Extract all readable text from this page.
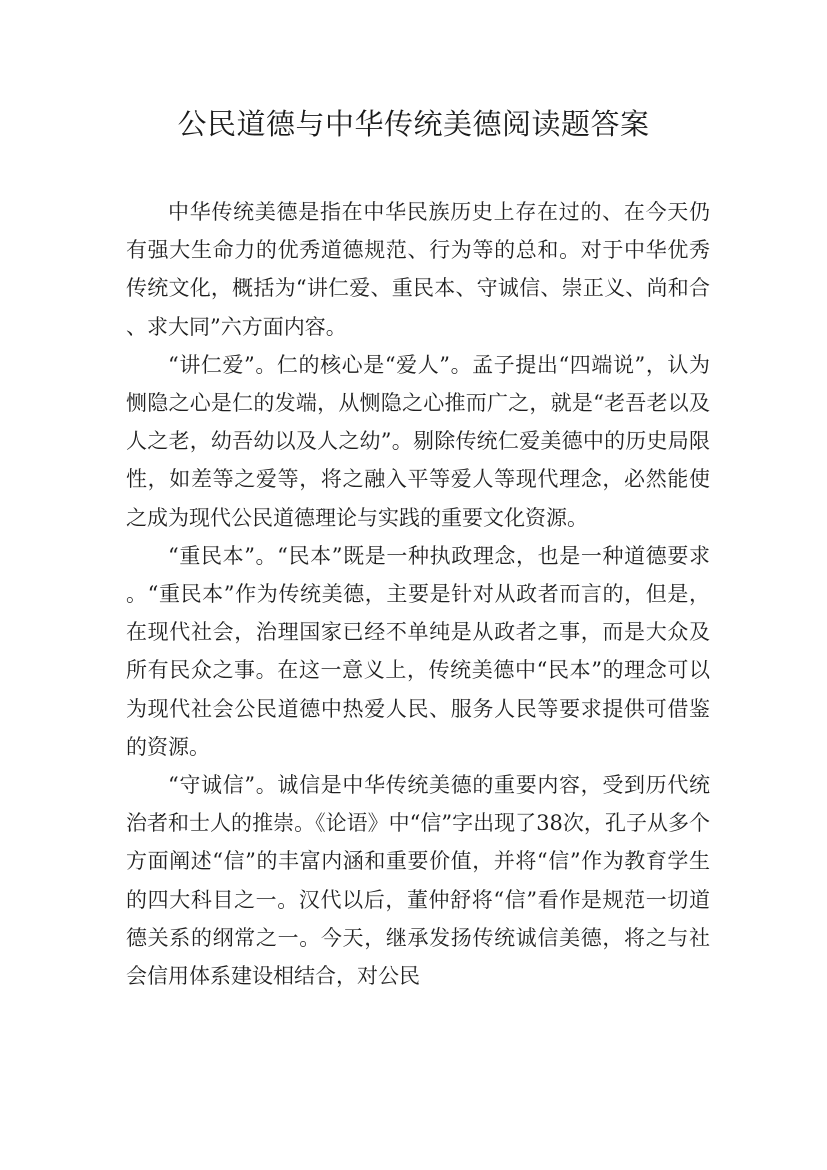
公民道德与中华传统美德阅读题答案

中华传统美德是指在中华民族历史上存在过的、在今天仍有强大生命力的优秀道德规范、行为等的总和。对于中华优秀传统文化，概括为“讲仁爱、重民本、守诚信、崇正义、尚和合、求大同”六方面内容。

“讲仁爱”。仁的核心是“爱人”。孟子提出“四端说”，认为恻隐之心是仁的发端，从恻隐之心推而广之，就是“老吾老以及人之老，幼吾幼以及人之幼”。剔除传统仁爱美德中的历史局限性，如差等之爱等，将之融入平等爱人等现代理念，必然能使之成为现代公民道德理论与实践的重要文化资源。

“重民本”。“民本”既是一种执政理念，也是一种道德要求。“重民本”作为传统美德，主要是针对从政者而言的，但是，在现代社会，治理国家已经不单纯是从政者之事，而是大众及所有民众之事。在这一意义上，传统美德中“民本”的理念可以为现代社会公民道德中热爱人民、服务人民等要求提供可借鉴的资源。

“守诚信”。诚信是中华传统美德的重要内容，受到历代统治者和士人的推崇。《论语》中“信”字出现了38次，孔子从多个方面阐述“信”的丰富内涵和重要价值，并将“信”作为教育学生的四大科目之一。汉代以后，董仲舒将“信”看作是规范一切道德关系的纲常之一。今天，继承发扬传统诚信美德，将之与社会信用体系建设相结合，对公民
